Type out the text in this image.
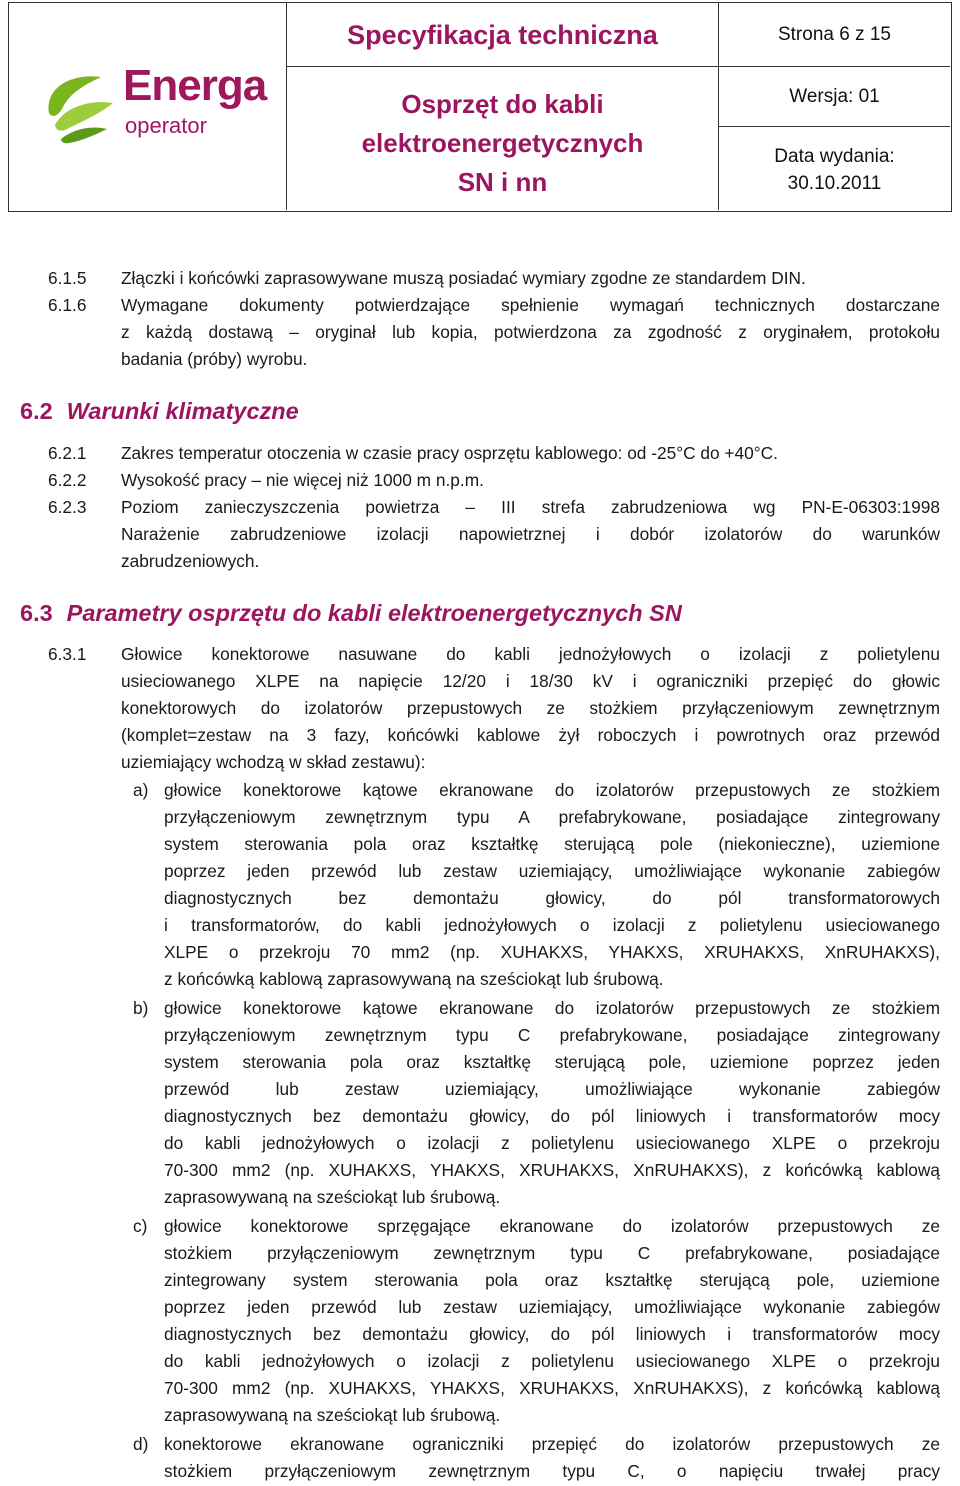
Energa
operator
Specyfikacja techniczna
Osprzęt do kabli
elektroenergetycznych
SN i nn
Strona 6 z 15
Wersja: 01
Data wydania:
30.10.2011
6.1.5 Złączki i końcówki zaprasowywane muszą posiadać wymiary zgodne ze standardem DIN.
6.1.6 Wymagane dokumenty potwierdzające spełnienie wymagań technicznych dostarczane
z każdą dostawą – oryginał lub kopia, potwierdzona za zgodność z oryginałem, protokołu
badania (próby) wyrobu.
6.2 Warunki klimatyczne
6.2.1 Zakres temperatur otoczenia w czasie pracy osprzętu kablowego: od -25°C do +40°C.
6.2.2 Wysokość pracy – nie więcej niż 1000 m n.p.m.
6.2.3 Poziom zanieczyszczenia powietrza – III strefa zabrudzeniowa wg PN-E-06303:1998
Narażenie zabrudzeniowe izolacji napowietrznej i dobór izolatorów do warunków
zabrudzeniowych.
6.3 Parametry osprzętu do kabli elektroenergetycznych SN
6.3.1 Głowice konektorowe nasuwane do kabli jednożyłowych o izolacji z polietylenu
usieciowanego XLPE na napięcie 12/20 i 18/30 kV i ograniczniki przepięć do głowic
konektorowych do izolatorów przepustowych ze stożkiem przyłączeniowym zewnętrznym
(komplet=zestaw na 3 fazy, końcówki kablowe żył roboczych i powrotnych oraz przewód
uziemiający wchodzą w skład zestawu):
a) głowice konektorowe kątowe ekranowane do izolatorów przepustowych ze stożkiem
przyłączeniowym zewnętrznym typu A prefabrykowane, posiadające zintegrowany
system sterowania pola oraz kształtkę sterującą pole (niekonieczne), uziemione
poprzez jeden przewód lub zestaw uziemiający, umożliwiające wykonanie zabiegów
diagnostycznych bez demontażu głowicy, do pól transformatorowych
i transformatorów, do kabli jednożyłowych o izolacji z polietylenu usieciowanego
XLPE o przekroju 70 mm2 (np. XUHAKXS, YHAKXS, XRUHAKXS, XnRUHAKXS),
z końcówką kablową zaprasowywaną na sześciokąt lub śrubową.
b) głowice konektorowe kątowe ekranowane do izolatorów przepustowych ze stożkiem
przyłączeniowym zewnętrznym typu C prefabrykowane, posiadające zintegrowany
system sterowania pola oraz kształtkę sterującą pole, uziemione poprzez jeden
przewód lub zestaw uziemiający, umożliwiające wykonanie zabiegów
diagnostycznych bez demontażu głowicy, do pól liniowych i transformatorów mocy
do kabli jednożyłowych o izolacji z polietylenu usieciowanego XLPE o przekroju
70-300 mm2 (np. XUHAKXS, YHAKXS, XRUHAKXS, XnRUHAKXS), z końcówką kablową
zaprasowywaną na sześciokąt lub śrubową.
c) głowice konektorowe sprzęgające ekranowane do izolatorów przepustowych ze
stożkiem przyłączeniowym zewnętrznym typu C prefabrykowane, posiadające
zintegrowany system sterowania pola oraz kształtkę sterującą pole, uziemione
poprzez jeden przewód lub zestaw uziemiający, umożliwiające wykonanie zabiegów
diagnostycznych bez demontażu głowicy, do pól liniowych i transformatorów mocy
do kabli jednożyłowych o izolacji z polietylenu usieciowanego XLPE o przekroju
70-300 mm2 (np. XUHAKXS, YHAKXS, XRUHAKXS, XnRUHAKXS), z końcówką kablową
zaprasowywaną na sześciokąt lub śrubową.
d) konektorowe ekranowane ograniczniki przepięć do izolatorów przepustowych ze
stożkiem przyłączeniowym zewnętrznym typu C, o napięciu trwałej pracy
